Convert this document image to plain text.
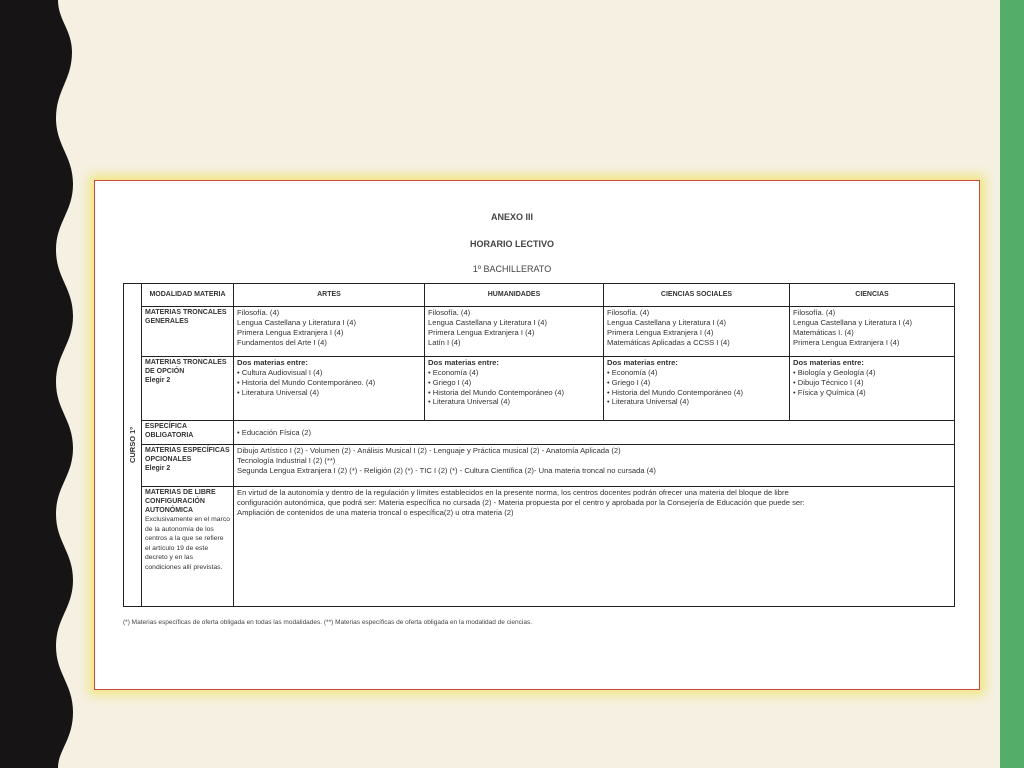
ANEXO III
HORARIO LECTIVO
1º BACHILLERATO
CURSO 1º	MODALIDAD MATERIA	ARTES	HUMANIDADES	CIENCIAS SOCIALES	CIENCIAS
	MATERIAS TRONCALES GENERALES	Filosofía. (4)
Lengua Castellana y Literatura I (4)
Primera Lengua Extranjera I (4)
Fundamentos del Arte I (4)	Filosofía. (4)
Lengua Castellana y Literatura I (4)
Primera Lengua Extranjera I (4)
Latín I (4)	Filosofía. (4)
Lengua Castellana y Literatura I (4)
Primera Lengua Extranjera I (4)
Matemáticas Aplicadas a CCSS I (4)	Filosofía. (4)
Lengua Castellana y Literatura I (4)
Matemáticas I. (4)
Primera Lengua Extranjera I (4)

	MATERIAS TRONCALES DE OPCIÓN
Elegir 2	Dos materias entre:
• Cultura Audiovisual I (4)
• Historia del Mundo Contemporáneo. (4)
• Literatura Universal (4)	Dos materias entre:
• Economía (4)
• Griego I (4)
• Historia del Mundo Contemporáneo (4)
• Literatura Universal (4)	Dos materias entre:
• Economía (4)
• Griego I (4)
• Historia del Mundo Contemporáneo (4)
• Literatura Universal (4)	Dos materias entre:
• Biología y Geología (4)
• Dibujo Técnico I (4)
• Física y Química (4)

	ESPECÍFICA OBLIGATORIA	• Educación Física (2)			
	MATERIAS ESPECÍFICAS OPCIONALES
Elegir 2	Dibujo Artístico I (2) - Volumen (2) - Análisis Musical I (2) - Lenguaje y Práctica musical (2) - Anatomía Aplicada (2)
Tecnología Industrial I (2) (**)
Segunda Lengua Extranjera I (2) (*) - Religión (2) (*) - TIC I (2) (*) - Cultura Científica (2)- Una materia troncal no cursada (4)			

	MATERIAS DE LIBRE CONFIGURACIÓN AUTONÓMICA
Exclusivamente en el marco de la autonomía de los centros a la que se refiere el artículo 19 de este decreto y en las condiciones allí previstas.	En virtud de la autonomía y dentro de la regulación y límites establecidos en la presente norma, los centros docentes podrán ofrecer una materia del bloque de libre
configuración autonómica, que podrá ser: Materia específica no cursada (2) - Materia propuesta por el centro y aprobada por la Consejería de Educación que puede ser:
Ampliación de contenidos de una materia troncal o específica(2) u otra materia (2)			
(*) Materias específicas de oferta obligada en todas las modalidades. (**) Materias específicas de oferta obligada en la modalidad de ciencias.
